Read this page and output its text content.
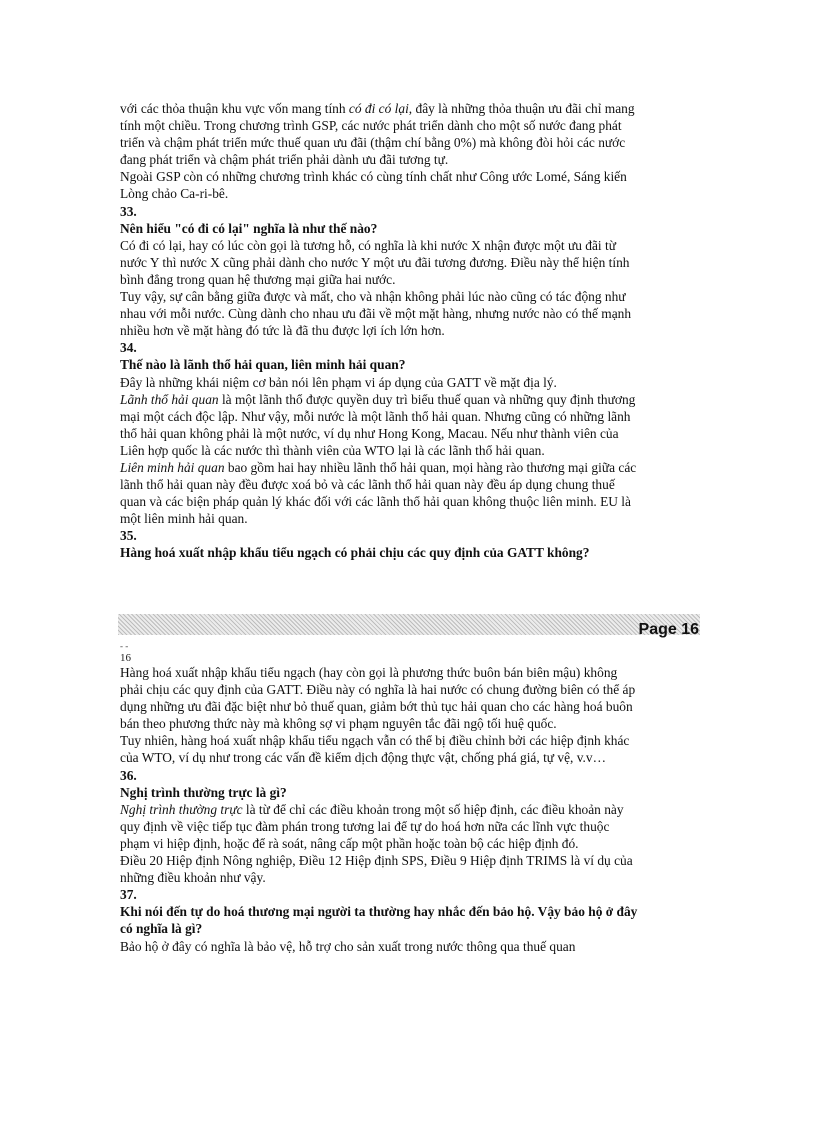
với các thỏa thuận khu vực vốn mang tính có đi có lại, đây là những thỏa thuận ưu đãi chỉ mang tính một chiều. Trong chương trình GSP, các nước phát triển dành cho một số nước đang phát triển và chậm phát triển mức thuế quan ưu đãi (thậm chí bằng 0%) mà không đòi hỏi các nước đang phát triển và chậm phát triển phải dành ưu đãi tương tự.

Ngoài GSP còn có những chương trình khác có cùng tính chất như Công ước Lomé, Sáng kiến Lòng chảo Ca-ri-bê.

33.

Nên hiểu "có đi có lại" nghĩa là như thế nào?

Có đi có lại, hay có lúc còn gọi là tương hỗ, có nghĩa là khi nước X nhận được một ưu đãi từ nước Y thì nước X cũng phải dành cho nước Y một ưu đãi tương đương. Điều này thể hiện tính bình đẳng trong quan hệ thương mại giữa hai nước.

Tuy vậy, sự cân bằng giữa được và mất, cho và nhận không phải lúc nào cũng có tác động như nhau với mỗi nước. Cùng dành cho nhau ưu đãi về một mặt hàng, nhưng nước nào có thế mạnh nhiều hơn về mặt hàng đó tức là đã thu được lợi ích lớn hơn.

34.

Thế nào là lãnh thổ hải quan, liên minh hải quan?

Đây là những khái niệm cơ bản nói lên phạm vi áp dụng của GATT về mặt địa lý.

Lãnh thổ hải quan là một lãnh thổ được quyền duy trì biểu thuế quan và những quy định thương mại một cách độc lập. Như vậy, mỗi nước là một lãnh thổ hải quan. Nhưng cũng có những lãnh thổ hải quan không phải là một nước, ví dụ như Hong Kong, Macau. Nếu như thành viên của Liên hợp quốc là các nước thì thành viên của WTO lại là các lãnh thổ hải quan.

Liên minh hải quan bao gồm hai hay nhiều lãnh thổ hải quan, mọi hàng rào thương mại giữa các lãnh thổ hải quan này đều được xoá bỏ và các lãnh thổ hải quan này đều áp dụng chung thuế quan và các biện pháp quản lý khác đối với các lãnh thổ hải quan không thuộc liên minh. EU là một liên minh hải quan.

35.

Hàng hoá xuất nhập khẩu tiểu ngạch có phải chịu các quy định của GATT không?

Page 16
- -
16

Hàng hoá xuất nhập khẩu tiểu ngạch (hay còn gọi là phương thức buôn bán biên mậu) không phải chịu các quy định của GATT. Điều này có nghĩa là hai nước có chung đường biên có thể áp dụng những ưu đãi đặc biệt như bỏ thuế quan, giảm bớt thủ tục hải quan cho các hàng hoá buôn bán theo phương thức này mà không sợ vi phạm nguyên tắc đãi ngộ tối huệ quốc.

Tuy nhiên, hàng hoá xuất nhập khẩu tiểu ngạch vẫn có thể bị điều chỉnh bởi các hiệp định khác của WTO, ví dụ như trong các vấn đề kiểm dịch động thực vật, chống phá giá, tự vệ, v.v…

36.

Nghị trình thường trực là gì?

Nghị trình thường trực là từ để chỉ các điều khoản trong một số hiệp định, các điều khoản này quy định về việc tiếp tục đàm phán trong tương lai để tự do hoá hơn nữa các lĩnh vực thuộc phạm vi hiệp định, hoặc để rà soát, nâng cấp một phần hoặc toàn bộ các hiệp định đó.

Điều 20 Hiệp định Nông nghiệp, Điều 12 Hiệp định SPS, Điều 9 Hiệp định TRIMS là ví dụ của những điều khoản như vậy.

37.

Khi nói đến tự do hoá thương mại người ta thường hay nhắc đến bảo hộ. Vậy bảo hộ ở đây có nghĩa là gì?

Bảo hộ ở đây có nghĩa là bảo vệ, hỗ trợ cho sản xuất trong nước thông qua thuế quan
